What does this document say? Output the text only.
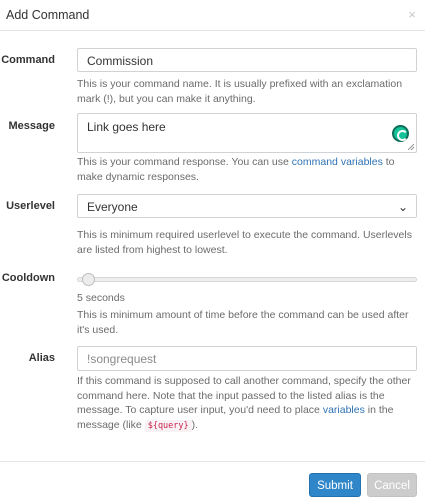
Add Command	×
Command	Commission
This is your command name. It is usually prefixed with an exclamation mark (!), but you can make it anything.
Message	Link goes here
This is your command response. You can use command variables to make dynamic responses.
Userlevel	Everyone	⌄
This is minimum required userlevel to execute the command. Userlevels are listed from highest to lowest.
Cooldown
5 seconds
This is minimum amount of time before the command can be used after it's used.
Alias	!songrequest
If this command is supposed to call another command, specify the other command here. Note that the input passed to the listed alias is the message. To capture user input, you'd need to place variables in the message (like ${query} ).
Submit	Cancel
